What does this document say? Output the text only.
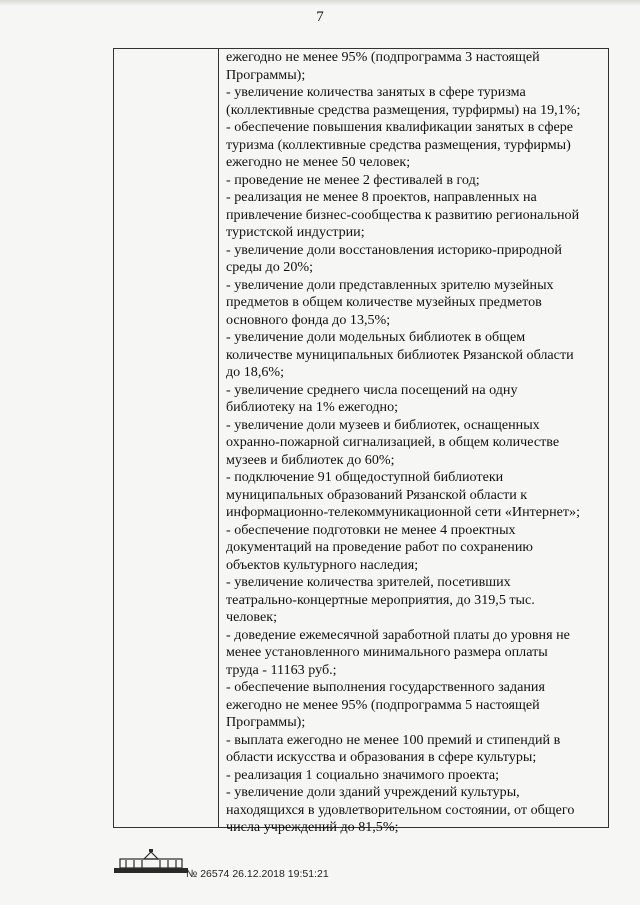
7
ежегодно не менее 95% (подпрограмма 3 настоящей
Программы);
- увеличение количества занятых в сфере туризма
(коллективные средства размещения, турфирмы) на 19,1%;
- обеспечение повышения квалификации занятых в сфере
туризма (коллективные средства размещения, турфирмы)
ежегодно не менее 50 человек;
- проведение не менее 2 фестивалей в год;
- реализация не менее 8 проектов, направленных на
привлечение бизнес-сообщества к развитию региональной
туристской индустрии;
- увеличение доли восстановления историко-природной
среды до 20%;
- увеличение доли представленных зрителю музейных
предметов в общем количестве музейных предметов
основного фонда до 13,5%;
- увеличение доли модельных библиотек в общем
количестве муниципальных библиотек Рязанской области
до 18,6%;
- увеличение среднего числа посещений на одну
библиотеку на 1% ежегодно;
- увеличение доли музеев и библиотек, оснащенных
охранно-пожарной сигнализацией, в общем количестве
музеев и библиотек до 60%;
- подключение 91 общедоступной библиотеки
муниципальных образований Рязанской области к
информационно-телекоммуникационной сети «Интернет»;
- обеспечение подготовки не менее 4 проектных
документаций на проведение работ по сохранению
объектов культурного наследия;
- увеличение количества зрителей, посетивших
театрально-концертные мероприятия, до 319,5 тыс.
человек;
- доведение ежемесячной заработной платы до уровня не
менее установленного минимального размера оплаты
труда - 11163 руб.;
- обеспечение выполнения государственного задания
ежегодно не менее 95% (подпрограмма 5 настоящей
Программы);
- выплата ежегодно не менее 100 премий и стипендий в
области искусства и образования в сфере культуры;
- реализация 1 социально значимого проекта;
- увеличение доли зданий учреждений культуры,
находящихся в удовлетворительном состоянии, от общего
числа учреждений до 81,5%;
№ 26574 26.12.2018 19:51:21
